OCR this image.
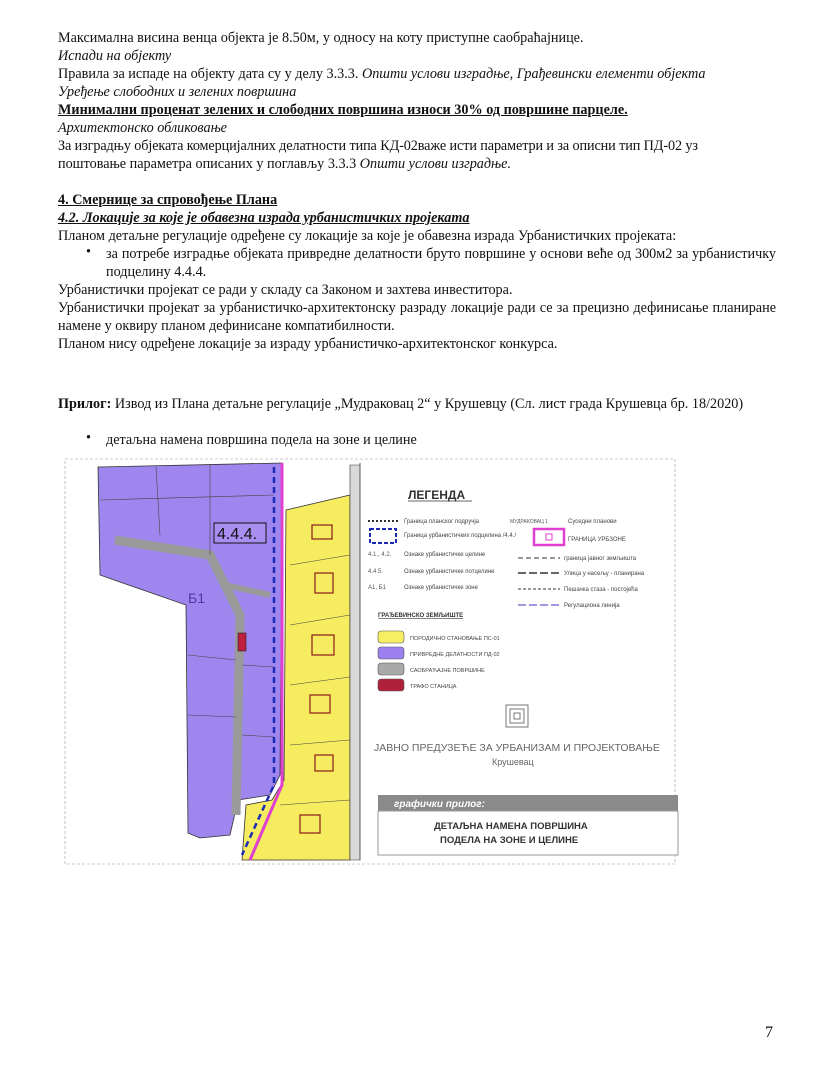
Максимална висина венца објекта је 8.50м, у односу на коту приступне саобраћајнице.
Испади на објекту
Правила за испаде на објекту дата су у делу 3.3.3. Општи услови изградње, Грађевински елементи објекта
Уређење слободних и зелених површина
Минимални проценат зелених и слободних површина износи 30% од површине парцеле.
Архитектонско обликовање
За изградњу објеката комерцијалних делатности типа КД-02важе исти параметри и за описни тип ПД-02 уз
поштовање параметра описаних у поглављу 3.3.3 Општи услови изградње.
4. Смернице за спровођење Плана
4.2. Локације за које је обавезна израда урбанистичких пројеката
Планом детаљне регулације одређене су локације за које је обавезна израда Урбанистичких пројеката:
• за потребе изградње објеката привредне делатности бруто површине у основи веће од 300м2 за урбанистичку подцелину 4.4.4.
Урбанистички пројекат се ради у складу са Законом и захтева инвеститора.
Урбанистички пројекат за урбанистичко-архитектонску разраду локације ради се за прецизно дефинисање планиране намене у оквиру планом дефинисане компатибилности.
Планом нису одређене локације за израду урбанистичко-архитектонског конкурса.
Прилог: Извод из Плана детаљне регулације „Мудраковац 2“ у Крушевцу (Сл. лист града Крушевца бр. 18/2020)
• детаљна намена површина подела на зоне и целине
4.4.4.
Б1
ЛЕГЕНДА
4.1., 4.2.
4.4.5.
А1, Б1
Граница планског подручја
Граница урбанистичких подцелина /4.4./
Ознаке урбанистичке целине
Ознаке урбанистичке потцелине
Ознаке урбанистичке зоне
МУДРАКОВАЦ 1	Суседни планови
ГРАНИЦА УРБЗОНЕ
граница јавног земљишта
Улица у насељу - планирана
Пешачка стаза - постојећа
Регулациона линија
ГРАЂЕВИНСКО ЗЕМЉИШТЕ
ПОРОДИЧНО СТАНОВАЊЕ ПС-01
ПРИВРЕДНЕ ДЕЛАТНОСТИ ПД-02
САОБРАЋАЈНЕ ПОВРШИНЕ
ТРАФО СТАНИЦА
ЈАВНО ПРЕДУЗЕЋЕ ЗА УРБАНИЗАМ И ПРОЈЕКТОВАЊЕ
Крушевац
графички прилог:
ДЕТАЉНА НАМЕНА ПОВРШИНА
ПОДЕЛА НА ЗОНЕ И ЦЕЛИНЕ
7
